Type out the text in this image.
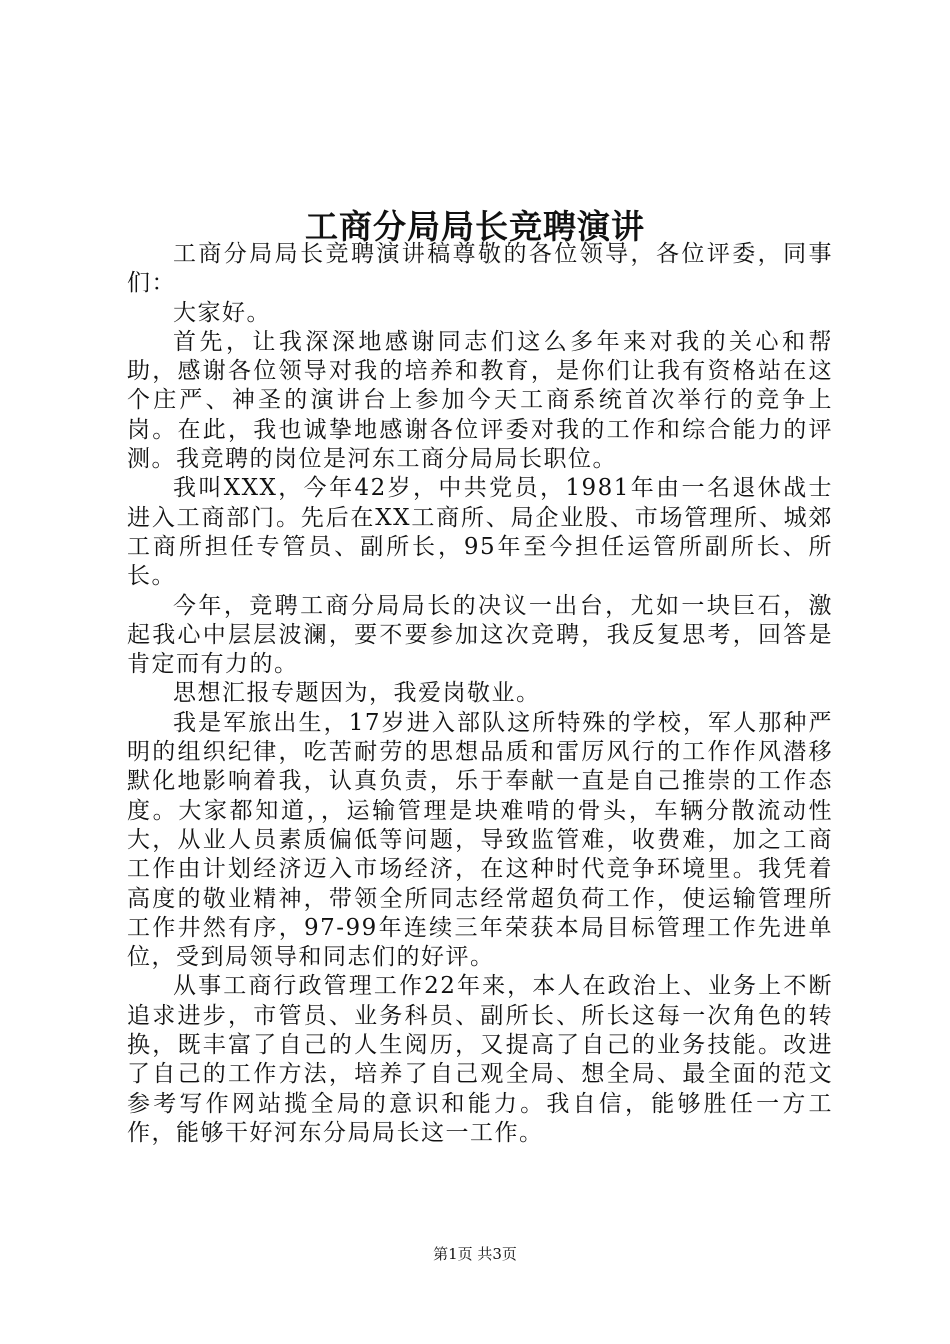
工商分局局长竞聘演讲

工商分局局长竞聘演讲稿尊敬的各位领导，各位评委，同事们：

大家好。

首先，让我深深地感谢同志们这么多年来对我的关心和帮助，感谢各位领导对我的培养和教育，是你们让我有资格站在这个庄严、神圣的演讲台上参加今天工商系统首次举行的竞争上岗。在此，我也诚挚地感谢各位评委对我的工作和综合能力的评测。我竞聘的岗位是河东工商分局局长职位。

我叫XXX，今年42岁，中共党员，1981年由一名退休战士进入工商部门。先后在XX工商所、局企业股、市场管理所、城郊工商所担任专管员、副所长，95年至今担任运管所副所长、所长。

今年，竞聘工商分局局长的决议一出台，尤如一块巨石，激起我心中层层波澜，要不要参加这次竞聘，我反复思考，回答是肯定而有力的。

思想汇报专题因为，我爱岗敬业。

我是军旅出生，17岁进入部队这所特殊的学校，军人那种严明的组织纪律，吃苦耐劳的思想品质和雷厉风行的工作作风潜移默化地影响着我，认真负责，乐于奉献一直是自己推崇的工作态度。大家都知道，，运输管理是块难啃的骨头，车辆分散流动性大，从业人员素质偏低等问题，导致监管难，收费难，加之工商工作由计划经济迈入市场经济，在这种时代竞争环境里。我凭着高度的敬业精神，带领全所同志经常超负荷工作，使运输管理所工作井然有序，97-99年连续三年荣获本局目标管理工作先进单位，受到局领导和同志们的好评。

从事工商行政管理工作22年来，本人在政治上、业务上不断追求进步，市管员、业务科员、副所长、所长这每一次角色的转换，既丰富了自己的人生阅历，又提高了自己的业务技能。改进了自己的工作方法，培养了自己观全局、想全局、最全面的范文参考写作网站揽全局的意识和能力。我自信，能够胜任一方工作，能够干好河东分局局长这一工作。

第1页 共3页
